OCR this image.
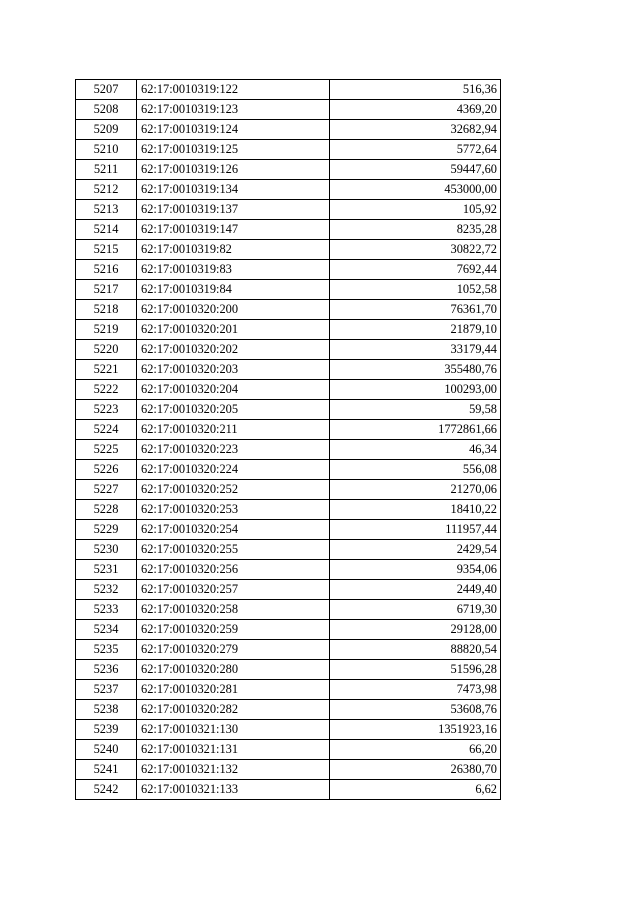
5207	62:17:0010319:122	516,36
5208	62:17:0010319:123	4369,20
5209	62:17:0010319:124	32682,94
5210	62:17:0010319:125	5772,64
5211	62:17:0010319:126	59447,60
5212	62:17:0010319:134	453000,00
5213	62:17:0010319:137	105,92
5214	62:17:0010319:147	8235,28
5215	62:17:0010319:82	30822,72
5216	62:17:0010319:83	7692,44
5217	62:17:0010319:84	1052,58
5218	62:17:0010320:200	76361,70
5219	62:17:0010320:201	21879,10
5220	62:17:0010320:202	33179,44
5221	62:17:0010320:203	355480,76
5222	62:17:0010320:204	100293,00
5223	62:17:0010320:205	59,58
5224	62:17:0010320:211	1772861,66
5225	62:17:0010320:223	46,34
5226	62:17:0010320:224	556,08
5227	62:17:0010320:252	21270,06
5228	62:17:0010320:253	18410,22
5229	62:17:0010320:254	111957,44
5230	62:17:0010320:255	2429,54
5231	62:17:0010320:256	9354,06
5232	62:17:0010320:257	2449,40
5233	62:17:0010320:258	6719,30
5234	62:17:0010320:259	29128,00
5235	62:17:0010320:279	88820,54
5236	62:17:0010320:280	51596,28
5237	62:17:0010320:281	7473,98
5238	62:17:0010320:282	53608,76
5239	62:17:0010321:130	1351923,16
5240	62:17:0010321:131	66,20
5241	62:17:0010321:132	26380,70
5242	62:17:0010321:133	6,62
